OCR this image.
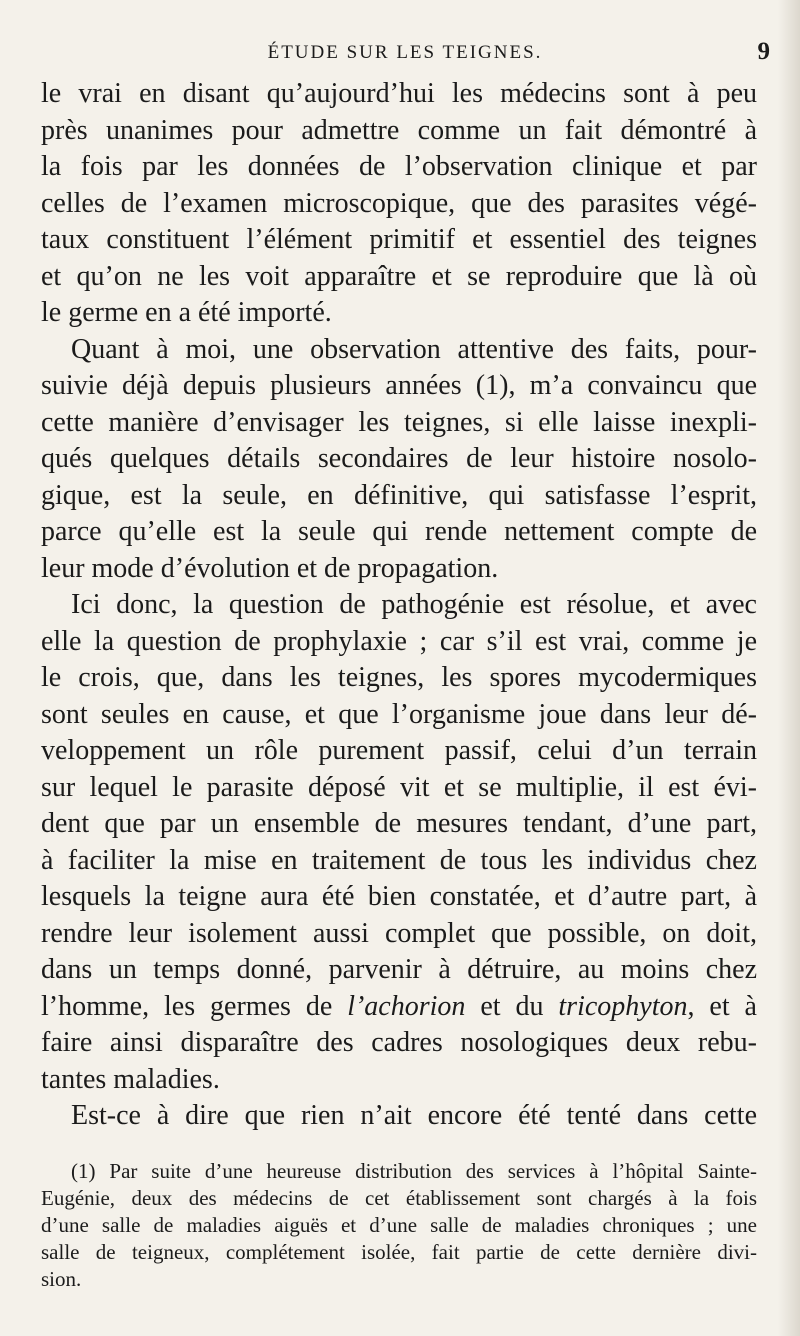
ÉTUDE SUR LES TEIGNES.	9
le vrai en disant qu’aujourd’hui les médecins sont à peu
près unanimes pour admettre comme un fait démontré à
la fois par les données de l’observation clinique et par
celles de l’examen microscopique, que des parasites végé-
taux constituent l’élément primitif et essentiel des teignes
et qu’on ne les voit apparaître et se reproduire que là où
le germe en a été importé.
Quant à moi, une observation attentive des faits, pour-
suivie déjà depuis plusieurs années (1), m’a convaincu que
cette manière d’envisager les teignes, si elle laisse inexpli-
qués quelques détails secondaires de leur histoire nosolo-
gique, est la seule, en définitive, qui satisfasse l’esprit,
parce qu’elle est la seule qui rende nettement compte de
leur mode d’évolution et de propagation.
Ici donc, la question de pathogénie est résolue, et avec
elle la question de prophylaxie ; car s’il est vrai, comme je
le crois, que, dans les teignes, les spores mycodermiques
sont seules en cause, et que l’organisme joue dans leur dé-
veloppement un rôle purement passif, celui d’un terrain
sur lequel le parasite déposé vit et se multiplie, il est évi-
dent que par un ensemble de mesures tendant, d’une part,
à faciliter la mise en traitement de tous les individus chez
lesquels la teigne aura été bien constatée, et d’autre part, à
rendre leur isolement aussi complet que possible, on doit,
dans un temps donné, parvenir à détruire, au moins chez
l’homme, les germes de l’achorion et du tricophyton, et à
faire ainsi disparaître des cadres nosologiques deux rebu-
tantes maladies.
Est-ce à dire que rien n’ait encore été tenté dans cette
(1) Par suite d’une heureuse distribution des services à l’hôpital Sainte-
Eugénie, deux des médecins de cet établissement sont chargés à la fois
d’une salle de maladies aiguës et d’une salle de maladies chroniques ; une
salle de teigneux, complétement isolée, fait partie de cette dernière divi-
sion.
